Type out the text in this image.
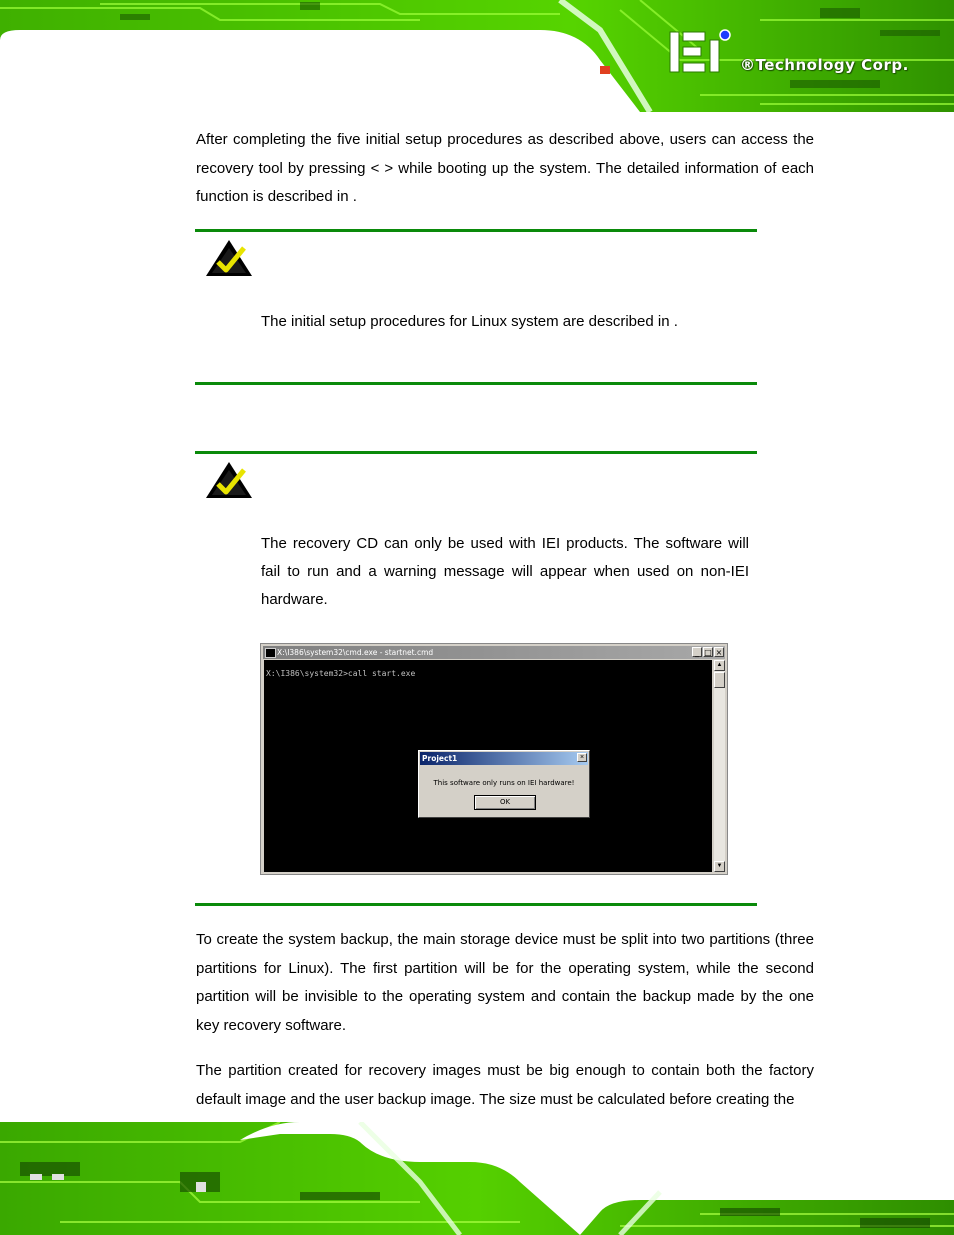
®Technology Corp.

After completing the five initial setup procedures as described above, users can access the recovery tool by pressing < > while booting up the system. The detailed information of each function is described in .

The initial setup procedures for Linux system are described in .

The recovery CD can only be used with IEI products. The software will fail to run and a warning message will appear when used on non-IEI hardware.

X:\I386\system32\cmd.exe - startnet.cmd	_ □ ×
X:\I386\system32>call start.exe
Project1	×
This software only runs on IEI hardware!
OK
▲
▼

To create the system backup, the main storage device must be split into two partitions (three partitions for Linux). The first partition will be for the operating system, while the second partition will be invisible to the operating system and contain the backup made by the one key recovery software.

The partition created for recovery images must be big enough to contain both the factory default image and the user backup image. The size must be calculated before creating the
